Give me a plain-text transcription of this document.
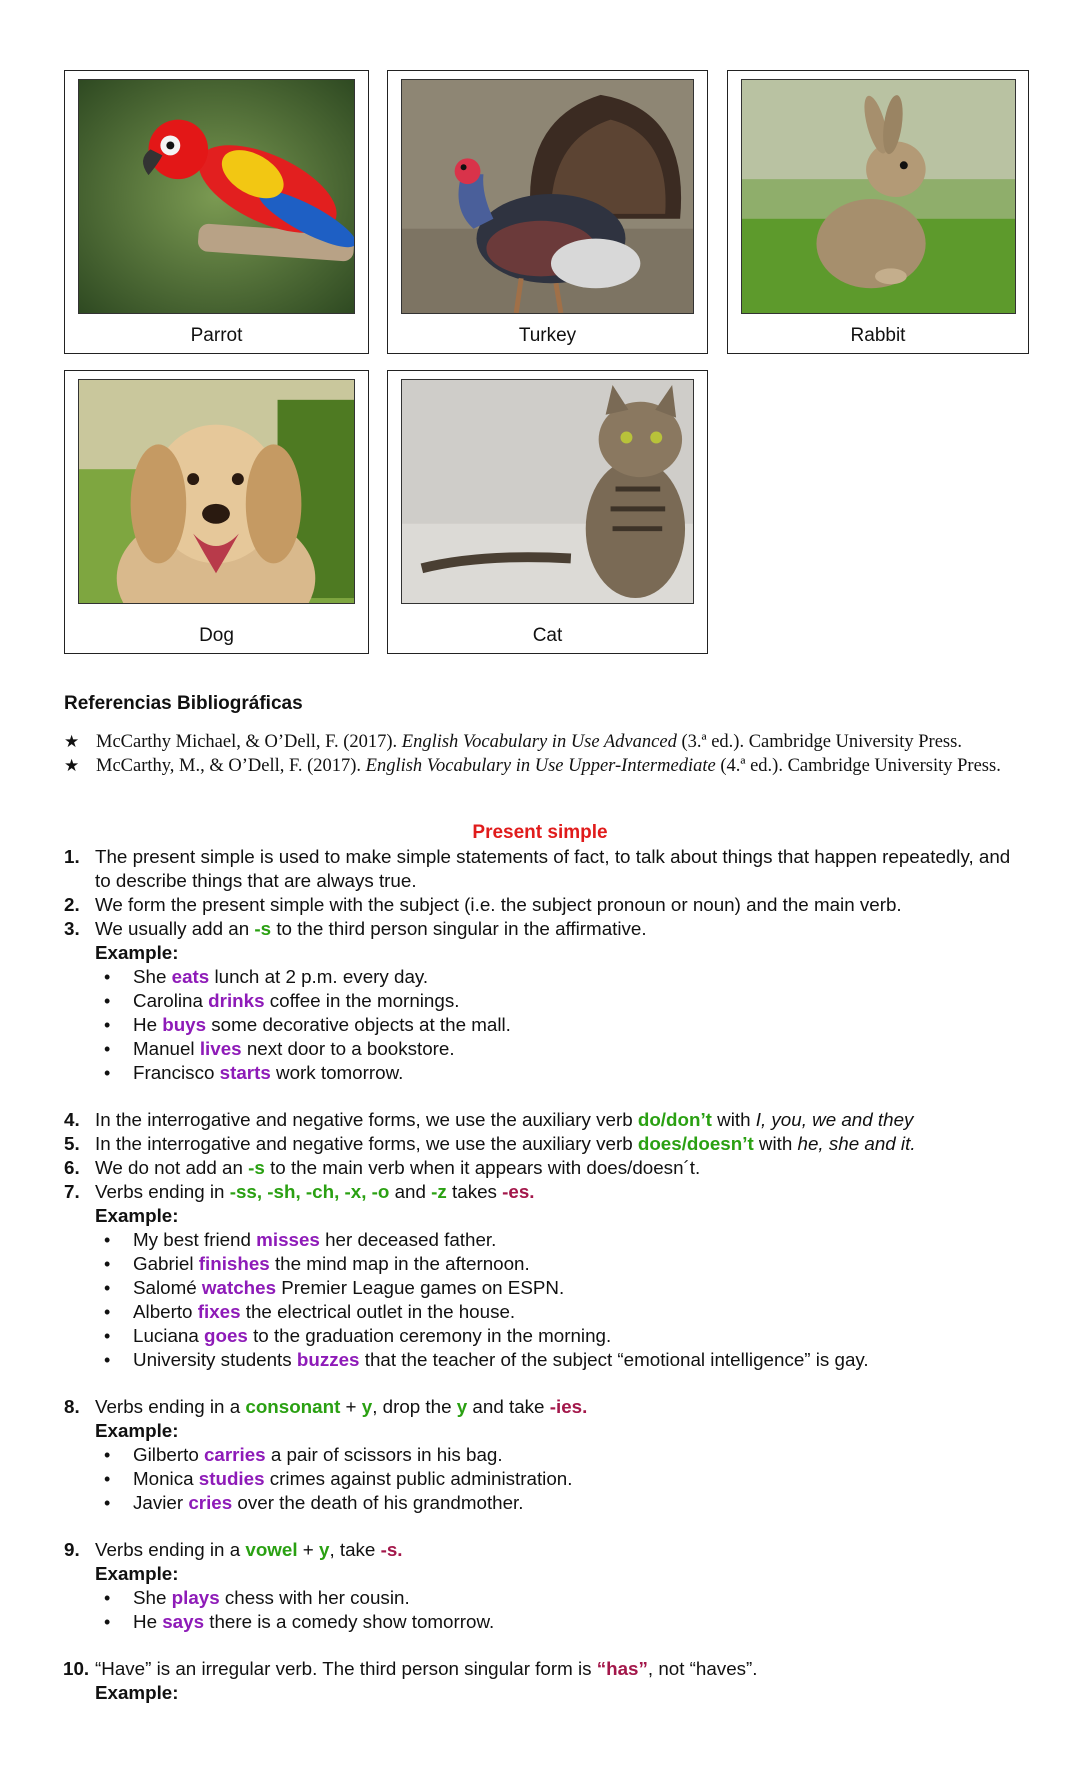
Parrot	Turkey	Rabbit
Dog	Cat
Referencias Bibliográficas
★ McCarthy Michael, & O’Dell, F. (2017). English Vocabulary in Use Advanced (3.ª ed.). Cambridge University Press.
★ McCarthy, M., & O’Dell, F. (2017). English Vocabulary in Use Upper-Intermediate (4.ª ed.). Cambridge University Press.
Present simple
1. The present simple is used to make simple statements of fact, to talk about things that happen repeatedly, and to describe things that are always true.
2. We form the present simple with the subject (i.e. the subject pronoun or noun) and the main verb.
3. We usually add an -s to the third person singular in the affirmative.
Example:
• She eats lunch at 2 p.m. every day.
• Carolina drinks coffee in the mornings.
• He buys some decorative objects at the mall.
• Manuel lives next door to a bookstore.
• Francisco starts work tomorrow.
4. In the interrogative and negative forms, we use the auxiliary verb do/don’t with I, you, we and they
5. In the interrogative and negative forms, we use the auxiliary verb does/doesn’t with he, she and it.
6. We do not add an -s to the main verb when it appears with does/doesn´t.
7. Verbs ending in -ss, -sh, -ch, -x, -o and -z takes -es.
Example:
• My best friend misses her deceased father.
• Gabriel finishes the mind map in the afternoon.
• Salomé watches Premier League games on ESPN.
• Alberto fixes the electrical outlet in the house.
• Luciana goes to the graduation ceremony in the morning.
• University students buzzes that the teacher of the subject “emotional intelligence” is gay.
8. Verbs ending in a consonant + y, drop the y and take -ies.
Example:
• Gilberto carries a pair of scissors in his bag.
• Monica studies crimes against public administration.
• Javier cries over the death of his grandmother.
9. Verbs ending in a vowel + y, take -s.
Example:
• She plays chess with her cousin.
• He says there is a comedy show tomorrow.
10. “Have” is an irregular verb. The third person singular form is “has”, not “haves”.
Example:
